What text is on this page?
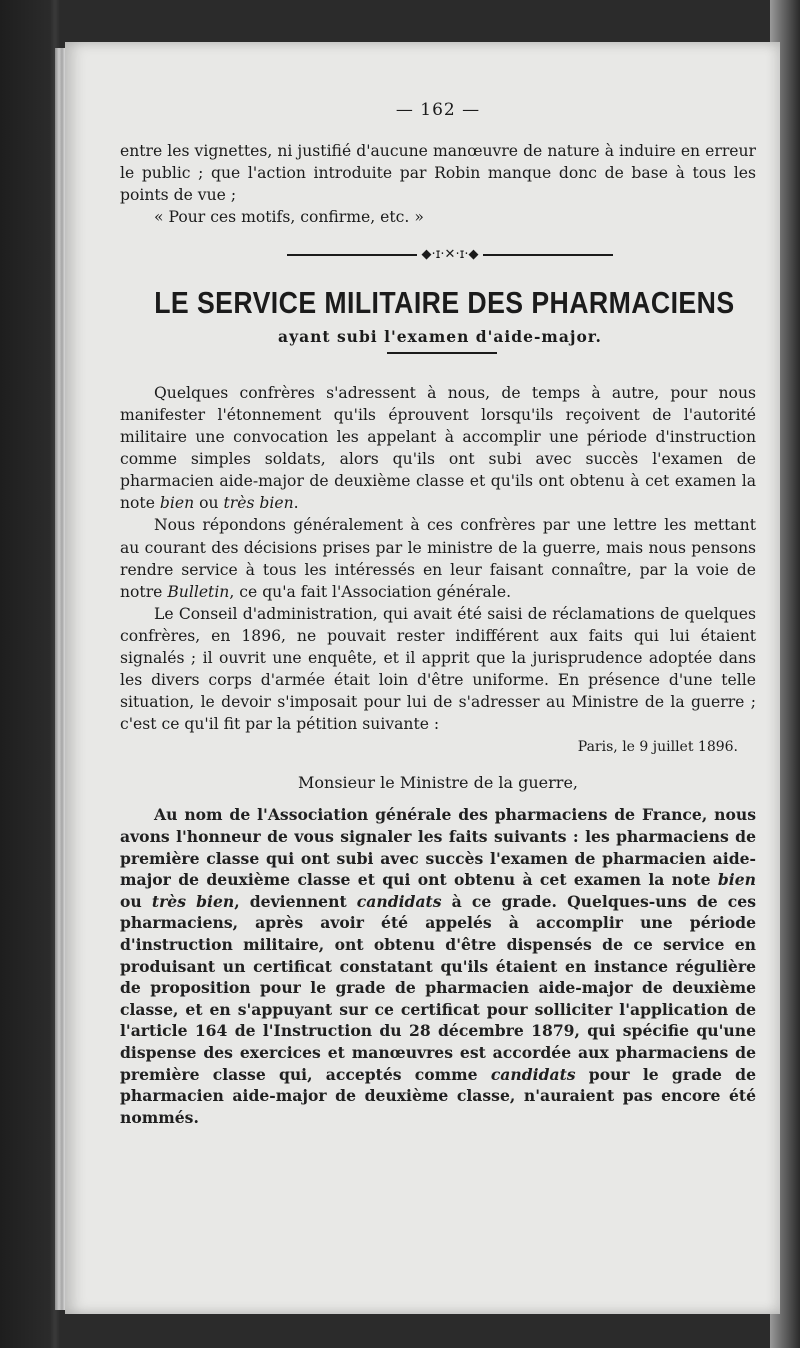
— 162 —

entre les vignettes, ni justifié d'aucune manœuvre de nature à induire en erreur le public ; que l'action introduite par Robin manque donc de base à tous les points de vue ;

« Pour ces motifs, confirme, etc. »

◆·ɪ·✕·ɪ·◆
LE SERVICE MILITAIRE DES PHARMACIENS
ayant subi l'examen d'aide-major.

Quelques confrères s'adressent à nous, de temps à autre, pour nous manifester l'étonnement qu'ils éprouvent lorsqu'ils reçoivent de l'autorité militaire une convocation les appelant à accomplir une période d'instruction comme simples soldats, alors qu'ils ont subi avec succès l'examen de pharmacien aide-major de deuxième classe et qu'ils ont obtenu à cet examen la note bien ou très bien.

Nous répondons généralement à ces confrères par une lettre les mettant au courant des décisions prises par le ministre de la guerre, mais nous pensons rendre service à tous les intéressés en leur faisant connaître, par la voie de notre Bulletin, ce qu'a fait l'Association générale.

Le Conseil d'administration, qui avait été saisi de réclamations de quelques confrères, en 1896, ne pouvait rester indifférent aux faits qui lui étaient signalés ; il ouvrit une enquête, et il apprit que la jurisprudence adoptée dans les divers corps d'armée était loin d'être uniforme. En présence d'une telle situation, le devoir s'imposait pour lui de s'adresser au Ministre de la guerre ; c'est ce qu'il fit par la pétition suivante :

Paris, le 9 juillet 1896.
Monsieur le Ministre de la guerre,

Au nom de l'Association générale des pharmaciens de France, nous avons l'honneur de vous signaler les faits suivants : les pharmaciens de première classe qui ont subi avec succès l'examen de pharmacien aide-major de deuxième classe et qui ont obtenu à cet examen la note bien ou très bien, deviennent candidats à ce grade. Quelques-uns de ces pharmaciens, après avoir été appelés à accomplir une période d'instruction militaire, ont obtenu d'être dispensés de ce service en produisant un certificat constatant qu'ils étaient en instance régulière de proposition pour le grade de pharmacien aide-major de deuxième classe, et en s'appuyant sur ce certificat pour solliciter l'application de l'article 164 de l'Instruction du 28 décembre 1879, qui spécifie qu'une dispense des exercices et manœuvres est accordée aux pharmaciens de première classe qui, acceptés comme candidats pour le grade de pharmacien aide-major de deuxième classe, n'auraient pas encore été nommés.
